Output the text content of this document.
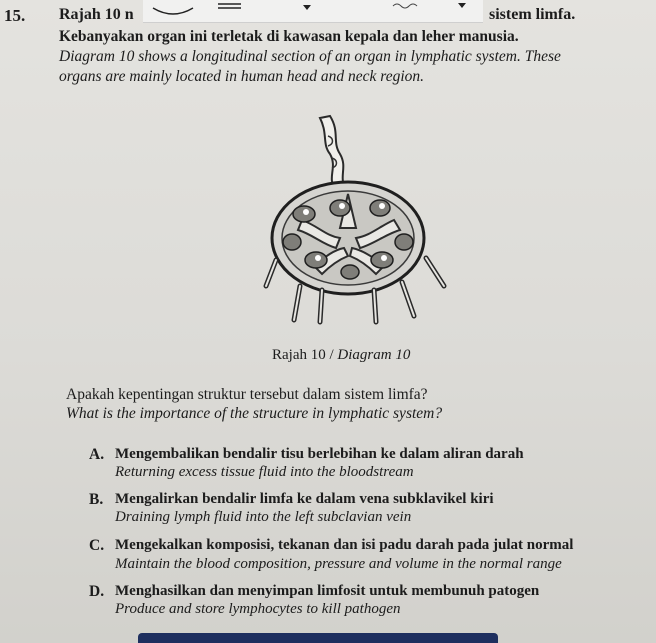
15. Rajah 10 n	sistem limfa.
Kebanyakan organ ini terletak di kawasan kepala dan leher manusia.
Diagram 10 shows a longitudinal section of an organ in lymphatic system. These
organs are mainly located in human head and neck region.
Rajah 10 / Diagram 10
Apakah kepentingan struktur tersebut dalam sistem limfa?
What is the importance of the structure in lymphatic system?
A. Mengembalikan bendalir tisu berlebihan ke dalam aliran darah
Returning excess tissue fluid into the bloodstream
B. Mengalirkan bendalir limfa ke dalam vena subklavikel kiri
Draining lymph fluid into the left subclavian vein
C. Mengekalkan komposisi, tekanan dan isi padu darah pada julat normal
Maintain the blood composition, pressure and volume in the normal range
D. Menghasilkan dan menyimpan limfosit untuk membunuh patogen
Produce and store lymphocytes to kill pathogen
